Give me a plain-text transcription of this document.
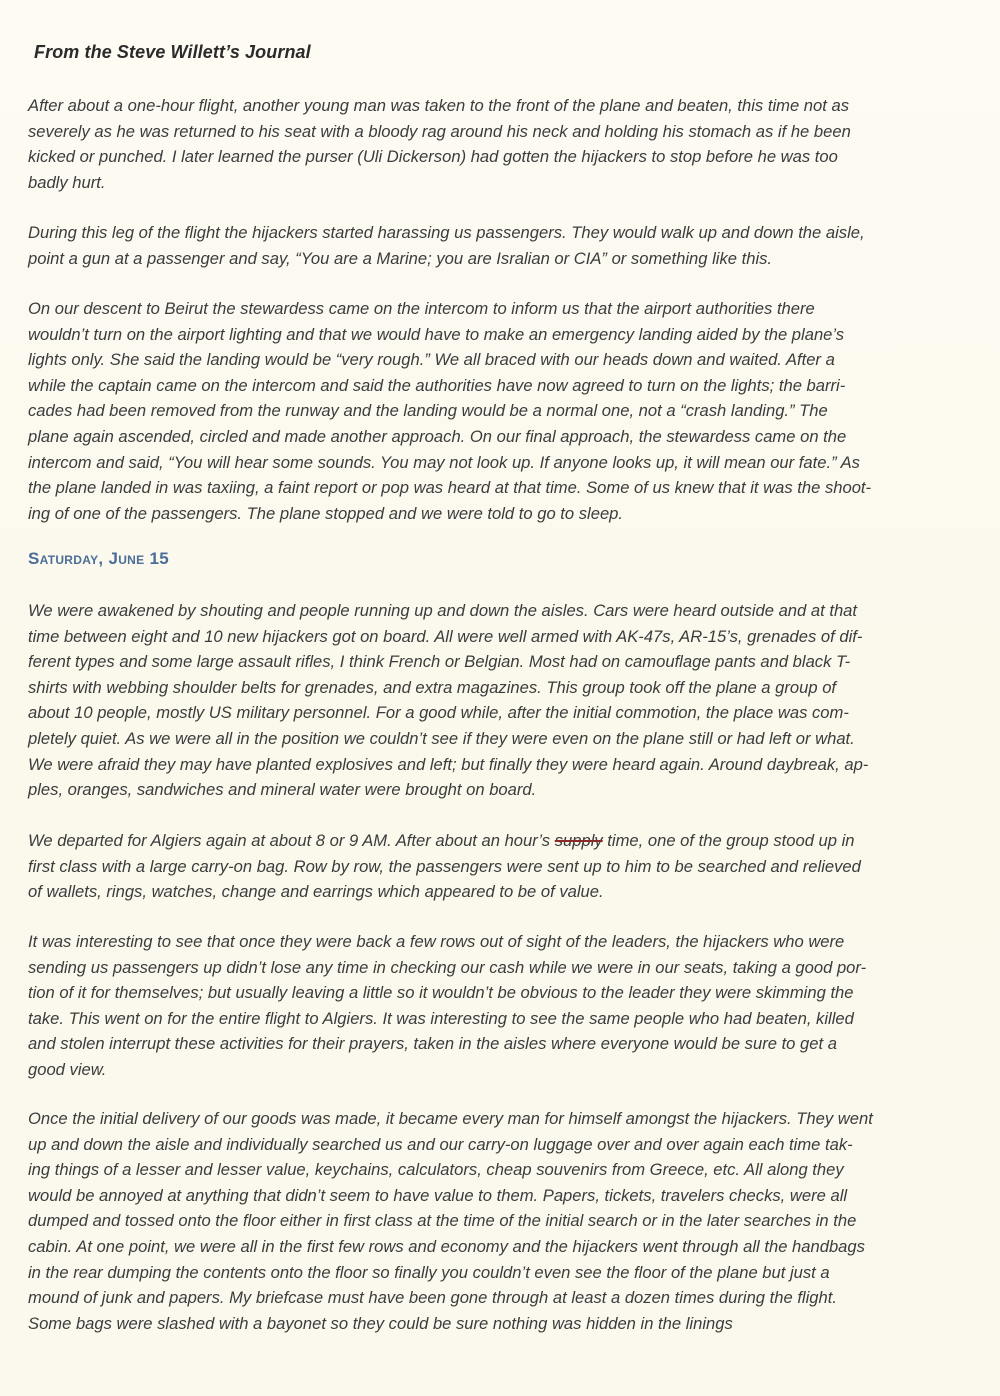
From the Steve Willett’s Journal

After about a one-hour flight, another young man was taken to the front of the plane and beaten, this time not as
severely as he was returned to his seat with a bloody rag around his neck and holding his stomach as if he been
kicked or punched. I later learned the purser (Uli Dickerson) had gotten the hijackers to stop before he was too
badly hurt.

During this leg of the flight the hijackers started harassing us passengers. They would walk up and down the aisle,
point a gun at a passenger and say, “You are a Marine; you are Isralian or CIA” or something like this.

On our descent to Beirut the stewardess came on the intercom to inform us that the airport authorities there
wouldn’t turn on the airport lighting and that we would have to make an emergency landing aided by the plane’s
lights only. She said the landing would be “very rough.” We all braced with our heads down and waited. After a
while the captain came on the intercom and said the authorities have now agreed to turn on the lights; the barri-
cades had been removed from the runway and the landing would be a normal one, not a “crash landing.” The
plane again ascended, circled and made another approach. On our final approach, the stewardess came on the
intercom and said, “You will hear some sounds. You may not look up. If anyone looks up, it will mean our fate.” As
the plane landed in was taxiing, a faint report or pop was heard at that time. Some of us knew that it was the shoot-
ing of one of the passengers. The plane stopped and we were told to go to sleep.

Saturday, June 15

We were awakened by shouting and people running up and down the aisles. Cars were heard outside and at that
time between eight and 10 new hijackers got on board. All were well armed with AK-47s, AR-15’s, grenades of dif-
ferent types and some large assault rifles, I think French or Belgian. Most had on camouflage pants and black T-
shirts with webbing shoulder belts for grenades, and extra magazines. This group took off the plane a group of
about 10 people, mostly US military personnel. For a good while, after the initial commotion, the place was com-
pletely quiet. As we were all in the position we couldn’t see if they were even on the plane still or had left or what.
We were afraid they may have planted explosives and left; but finally they were heard again. Around daybreak, ap-
ples, oranges, sandwiches and mineral water were brought on board.

We departed for Algiers again at about 8 or 9 AM. After about an hour’s supply time, one of the group stood up in
first class with a large carry-on bag. Row by row, the passengers were sent up to him to be searched and relieved
of wallets, rings, watches, change and earrings which appeared to be of value.

It was interesting to see that once they were back a few rows out of sight of the leaders, the hijackers who were
sending us passengers up didn’t lose any time in checking our cash while we were in our seats, taking a good por-
tion of it for themselves; but usually leaving a little so it wouldn’t be obvious to the leader they were skimming the
take. This went on for the entire flight to Algiers. It was interesting to see the same people who had beaten, killed
and stolen interrupt these activities for their prayers, taken in the aisles where everyone would be sure to get a
good view.

Once the initial delivery of our goods was made, it became every man for himself amongst the hijackers. They went
up and down the aisle and individually searched us and our carry-on luggage over and over again each time tak-
ing things of a lesser and lesser value, keychains, calculators, cheap souvenirs from Greece, etc. All along they
would be annoyed at anything that didn’t seem to have value to them. Papers, tickets, travelers checks, were all
dumped and tossed onto the floor either in first class at the time of the initial search or in the later searches in the
cabin. At one point, we were all in the first few rows and economy and the hijackers went through all the handbags
in the rear dumping the contents onto the floor so finally you couldn’t even see the floor of the plane but just a
mound of junk and papers. My briefcase must have been gone through at least a dozen times during the flight.
Some bags were slashed with a bayonet so they could be sure nothing was hidden in the linings
